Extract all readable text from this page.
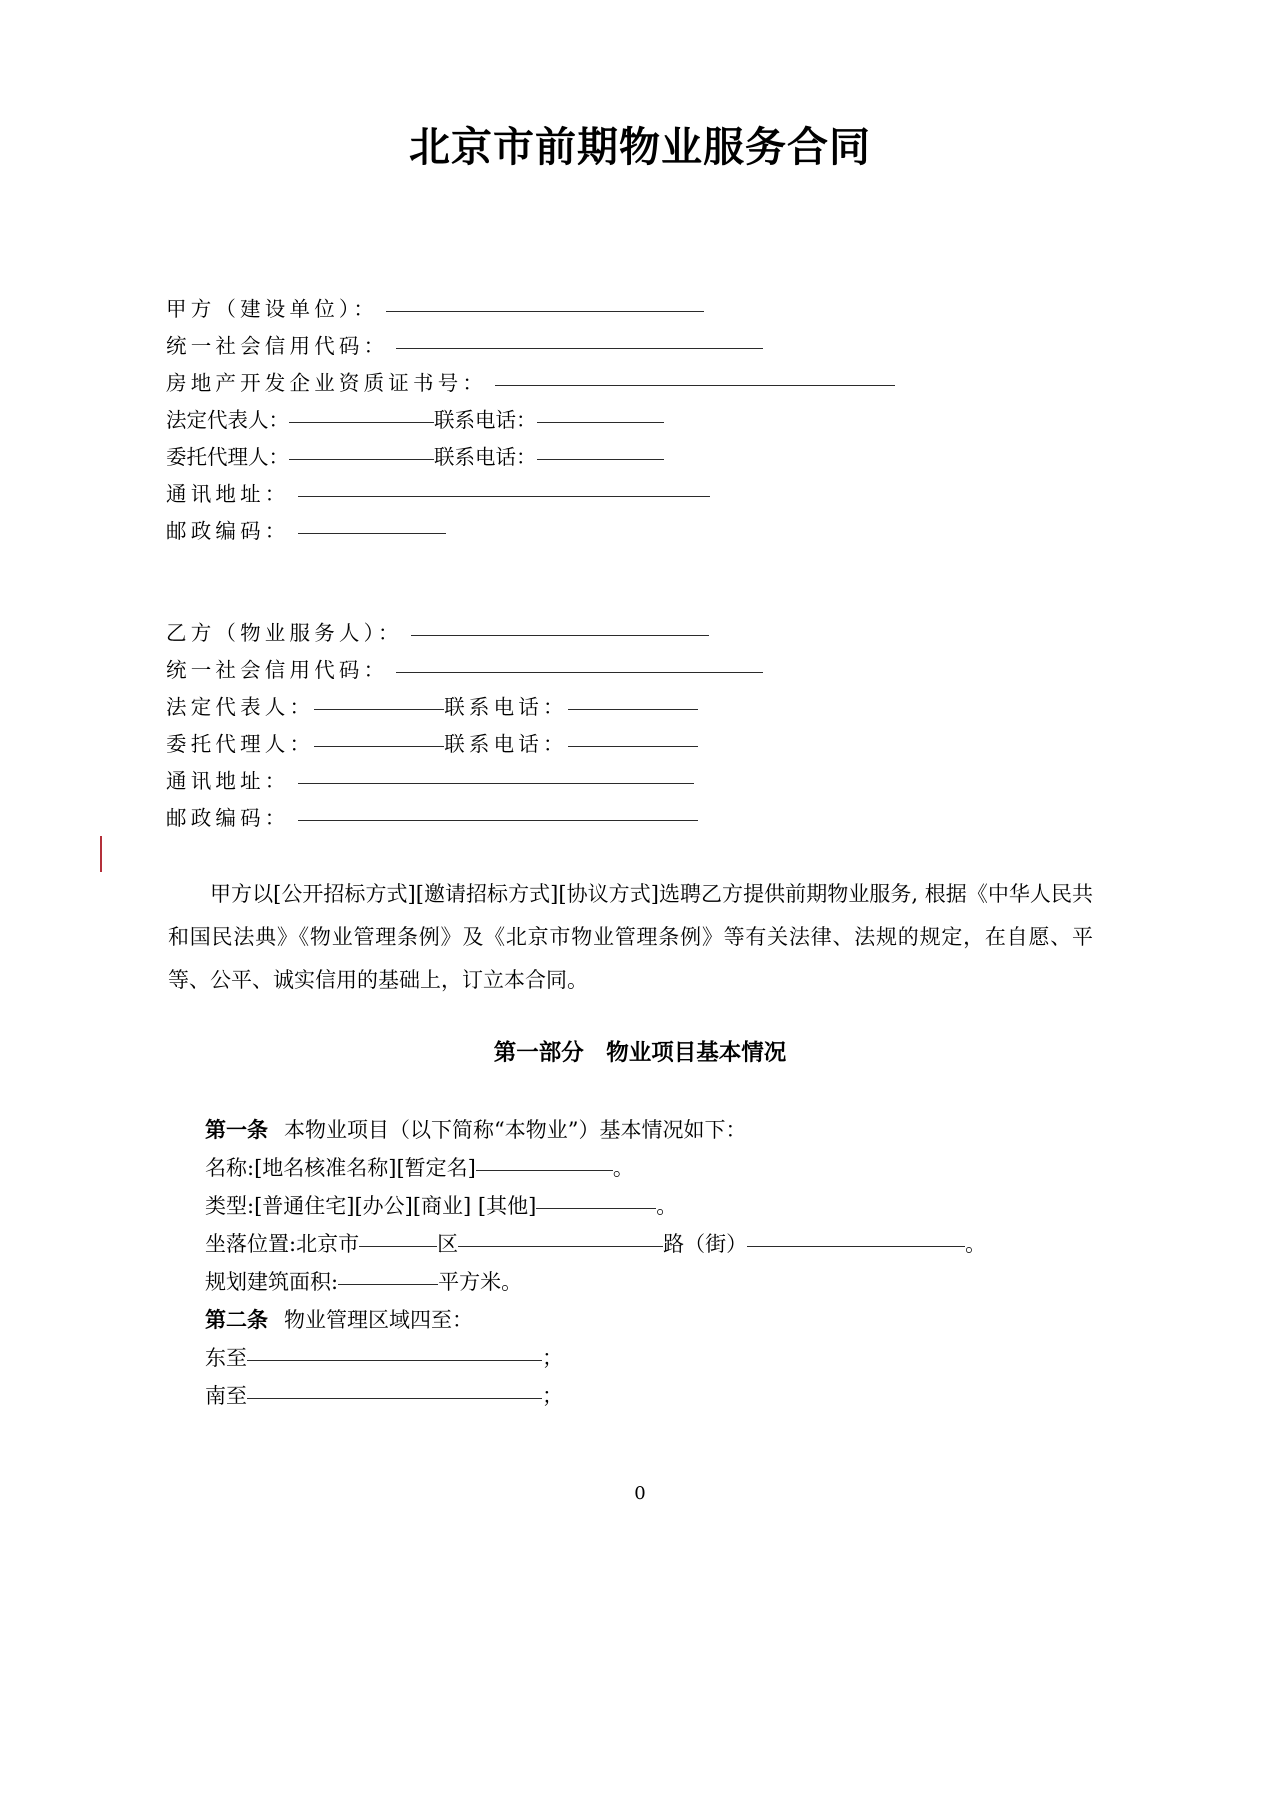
北京市前期物业服务合同
甲方（建设单位）：
统一社会信用代码：
房地产开发企业资质证书号：
法定代表人：	联系电话：
委托代理人：	联系电话：
通讯地址：
邮政编码：
乙方（物业服务人）：
统一社会信用代码：
法定代表人：	联系电话：
委托代理人：	联系电话：
通讯地址：
邮政编码：
甲方以[公开招标方式][邀请招标方式][协议方式]选聘乙方提供前期物业服务, 根据《中华人民共和国民法典》《物业管理条例》及《北京市物业管理条例》等有关法律、法规的规定，在自愿、平等、公平、诚实信用的基础上，订立本合同。
第一部分　物业项目基本情况
第一条 本物业项目（以下简称“本物业”）基本情况如下：
名称:[地名核准名称][暂定名]	。
类型:[普通住宅][办公][商业] [其他]	。
坐落位置:北京市	区	路（街）	。
规划建筑面积:	平方米。
第二条 物业管理区域四至：
东至	；
南至	；
0
